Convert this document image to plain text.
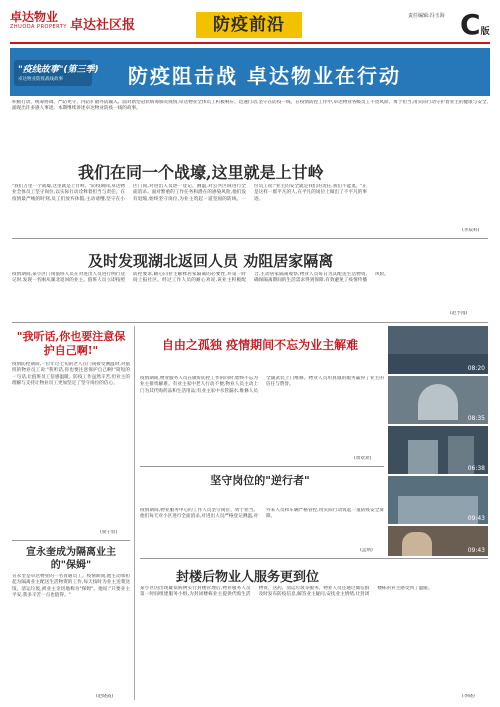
卓达物业
ZHUODA PROPERTY 卓达社区报	防疫前沿	责任编辑:冯玉海 C版
"疫线故事"(第三季)
卓达物业防疫战线故事	防疫阻击战 卓达物业在行动
积极行动、统筹协调、严防死守、内防扩散外防输入。面对新型冠状病毒肺炎疫情,卓达物业全体员工积极响应、迅速行动,坚守在防疫一线。在疫情防控工作中,卓达物业各级员工不畏风险、勇于担当,用实际行动守护着业主的健康与安全,涌现出许多感人事迹。本期继续讲述卓达物业防疫一线的故事。
我们在同一个战壕,这里就是上甘岭
"我们万里一个战壕,这里就是上甘岭。"防疫期间,卓达物业全体员工坚守岗位,以实际行动诠释着担当与责任。在疫情最严峻的时刻,员工们放弃休假,主动请缨,坚守在小区门岗,对进出人员逐一登记、测温,对公共区域进行全面消杀。面对繁重的工作任务和潜在的感染风险,他们没有退缩,始终坚守岗位,为业主筑起一道坚固的防线。一位员工说:"业主的安全就是我们的责任,我们不能退。"正是这样一群平凡的人,在平凡的岗位上做出了不平凡的事迹。
(李辰科)
及时发现湖北返回人员 劝阻居家隔离
疫情期间,某小区门岗值班人员在对进出人员进行例行登记时,发现一名刚从湖北返回的业主。值班人员立即按照防控要求,耐心向业主解释居家隔离的必要性,并第一时间上报社区。经过工作人员的耐心劝说,该业主积极配合,主动居家隔离观察,物业人员每日为其配送生活物资,确保隔离期间的生活需求得到保障,有效避免了疫情传播风险。
(赵予漫)
"我听话,你也要注意保护自己啊!"
疫情防控期间,一位年过七旬的老人在门岗接受测温时,对值班的物业员工说:"我听话,你也要注意保护自己啊!"简短的一句话,让值班员工倍感温暖。防疫工作虽然辛苦,但业主的理解与支持让物业员工更加坚定了坚守岗位的信心。
(梁子宸)
宣永奎成为隔离业主的"保姆"
宣永奎是卓达物业的一名普通员工。疫情期间,他主动承担起为隔离业主配送生活物资的工作,每天按时为业主送菜送饭、清运垃圾,被业主亲切地称为"保姆"。他说:"只要业主平安,我多辛苦一点也值得。"
(赵晓霞)
自由之孤独 疫情期间不忘为业主解难
疫情期间,物业服务人员在做好防控工作的同时,始终不忘为业主排忧解难。有业主家中老人行动不便,物业人员主动上门为其代购药品和生活用品;有业主家中水管漏水,维修人员全副武装上门维修。物业人员用真诚的服务赢得了业主的信任与赞誉。
(周欢欢)
坚守岗位的"逆行者"
疫情期间,物业服务中心的工作人员坚守岗位、勇于担当。他们每天对小区进行全面消杀,对进出人员严格登记测温,对外来人员和车辆严格管控,用实际行动筑起一道防疫安全屏障。
(孟炳)
封楼后物业人服务更到位
某小区因出现疑似病例实行封楼管理后,物业服务人员第一时间组建服务小组,为封闭楼栋业主提供代购生活物资、送药、清运垃圾等服务。物业人员还通过微信群及时发布防疫信息,解答业主疑问,安抚业主情绪,让封闭楼栋的业主感受到了温暖。
(李晓)
08:20
08:35
06:38
09:43
09:43
